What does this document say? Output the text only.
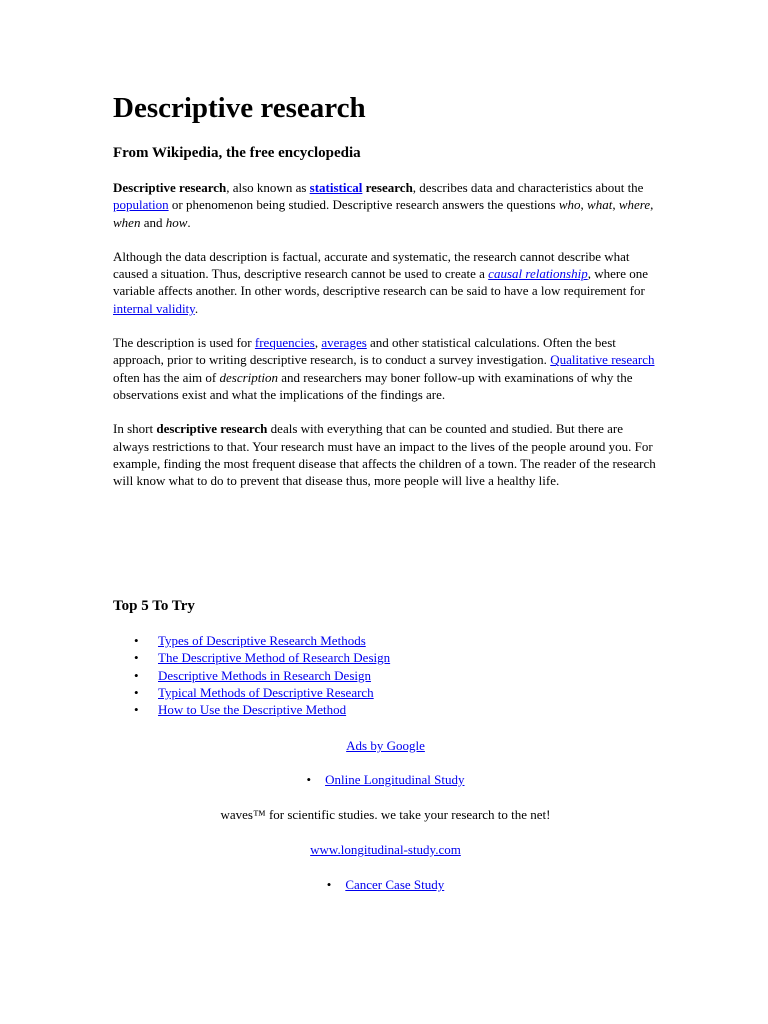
Descriptive research
From Wikipedia, the free encyclopedia

Descriptive research, also known as statistical research, describes data and characteristics about the population or phenomenon being studied. Descriptive research answers the questions who, what, where, when and how.

Although the data description is factual, accurate and systematic, the research cannot describe what caused a situation. Thus, descriptive research cannot be used to create a causal relationship, where one variable affects another. In other words, descriptive research can be said to have a low requirement for internal validity.

The description is used for frequencies, averages and other statistical calculations. Often the best approach, prior to writing descriptive research, is to conduct a survey investigation. Qualitative research often has the aim of description and researchers may boner follow-up with examinations of why the observations exist and what the implications of the findings are.

In short descriptive research deals with everything that can be counted and studied. But there are always restrictions to that. Your research must have an impact to the lives of the people around you. For example, finding the most frequent disease that affects the children of a town. The reader of the research will know what to do to prevent that disease thus, more people will live a healthy life.

Top 5 To Try
• Types of Descriptive Research Methods
• The Descriptive Method of Research Design
• Descriptive Methods in Research Design
• Typical Methods of Descriptive Research
• How to Use the Descriptive Method
Ads by Google
• Online Longitudinal Study
waves™ for scientific studies. we take your research to the net!
www.longitudinal-study.com
• Cancer Case Study
